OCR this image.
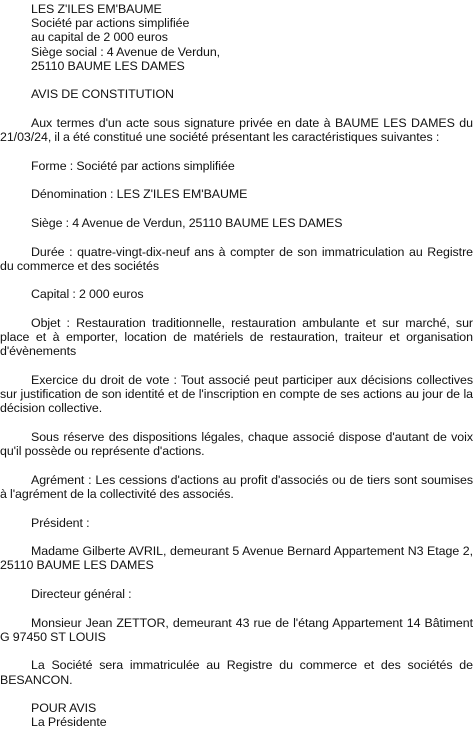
LES Z'ILES EM'BAUME
Société par actions simplifiée
au capital de 2 000 euros
Siège social : 4 Avenue de Verdun,
25110 BAUME LES DAMES
AVIS DE CONSTITUTION
Aux termes d'un acte sous signature privée en date à BAUME LES DAMES du 21/03/24, il a été constitué une société présentant les caractéristiques suivantes :
Forme : Société par actions simplifiée
Dénomination : LES Z'ILES EM'BAUME
Siège : 4 Avenue de Verdun, 25110 BAUME LES DAMES
Durée : quatre-vingt-dix-neuf ans à compter de son immatriculation au Registre du commerce et des sociétés
Capital : 2 000 euros
Objet : Restauration traditionnelle, restauration ambulante et sur marché, sur place et à emporter, location de matériels de restauration, traiteur et organisation d'évènements
Exercice du droit de vote : Tout associé peut participer aux décisions collectives sur justification de son identité et de l'inscription en compte de ses actions au jour de la décision collective.
Sous réserve des dispositions légales, chaque associé dispose d'autant de voix qu'il possède ou représente d'actions.
Agrément : Les cessions d'actions au profit d'associés ou de tiers sont soumises à l'agrément de la collectivité des associés.
Président :
Madame Gilberte AVRIL, demeurant 5 Avenue Bernard Appartement N3 Etage 2, 25110 BAUME LES DAMES
Directeur général :
Monsieur Jean ZETTOR, demeurant 43 rue de l'étang Appartement 14 Bâtiment G 97450 ST LOUIS
La Société sera immatriculée au Registre du commerce et des sociétés de BESANCON.
POUR AVIS
La Présidente
